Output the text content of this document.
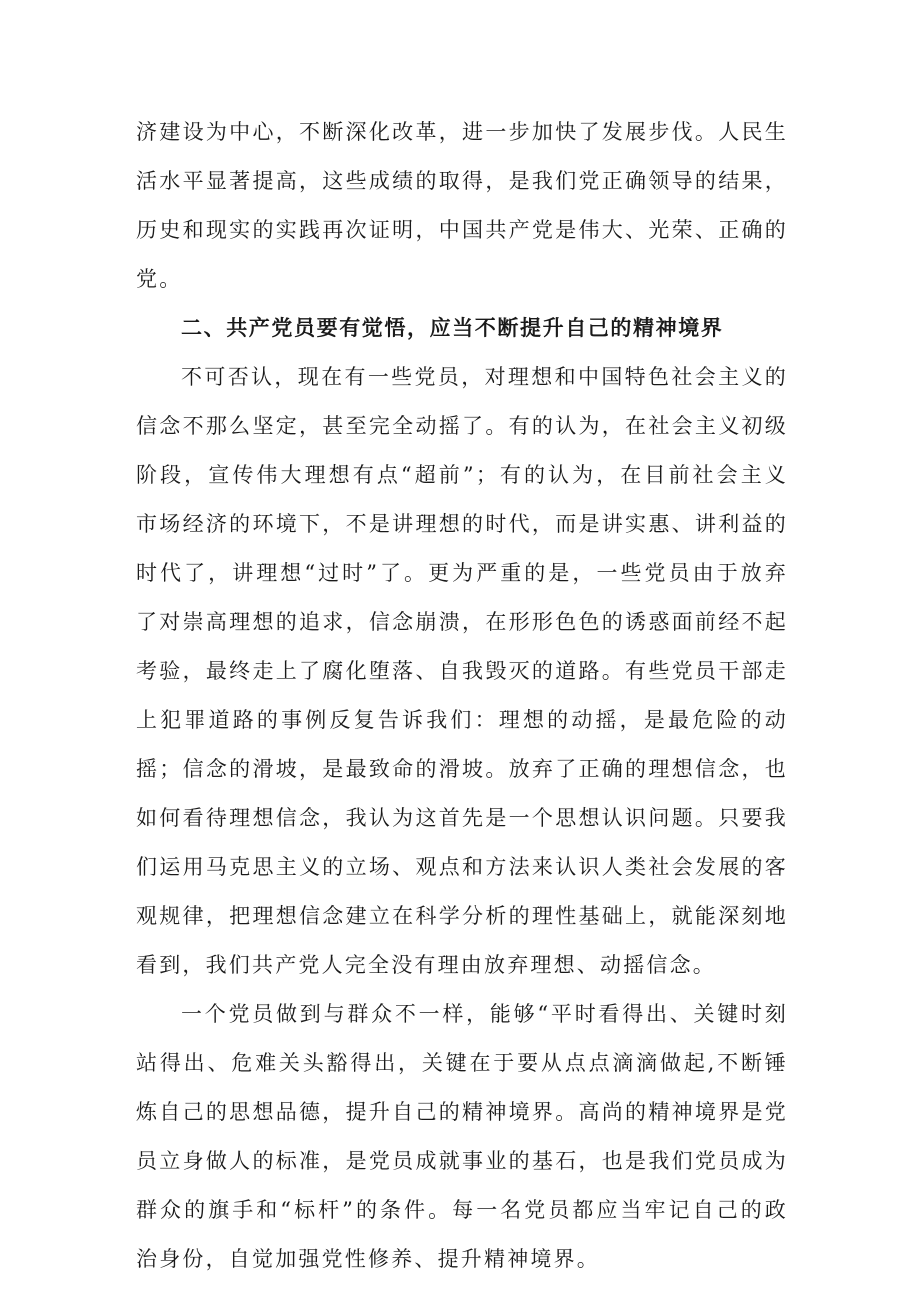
济建设为中心，不断深化改革，进一步加快了发展步伐。人民生活水平显著提高，这些成绩的取得，是我们党正确领导的结果，历史和现实的实践再次证明，中国共产党是伟大、光荣、正确的党。

二、共产党员要有觉悟，应当不断提升自己的精神境界

不可否认，现在有一些党员，对理想和中国特色社会主义的信念不那么坚定，甚至完全动摇了。有的认为，在社会主义初级阶段，宣传伟大理想有点“超前”；有的认为，在目前社会主义市场经济的环境下，不是讲理想的时代，而是讲实惠、讲利益的时代了，讲理想“过时”了。更为严重的是，一些党员由于放弃了对崇高理想的追求，信念崩溃，在形形色色的诱惑面前经不起考验，最终走上了腐化堕落、自我毁灭的道路。有些党员干部走上犯罪道路的事例反复告诉我们：理想的动摇，是最危险的动摇；信念的滑坡，是最致命的滑坡。放弃了正确的理想信念，也如何看待理想信念，我认为这首先是一个思想认识问题。只要我们运用马克思主义的立场、观点和方法来认识人类社会发展的客观规律，把理想信念建立在科学分析的理性基础上，就能深刻地看到，我们共产党人完全没有理由放弃理想、动摇信念。

一个党员做到与群众不一样，能够“平时看得出、关键时刻站得出、危难关头豁得出，关键在于要从点点滴滴做起,不断锤炼自己的思想品德，提升自己的精神境界。高尚的精神境界是党员立身做人的标准，是党员成就事业的基石，也是我们党员成为群众的旗手和“标杆”的条件。每一名党员都应当牢记自己的政治身份，自觉加强党性修养、提升精神境界。
